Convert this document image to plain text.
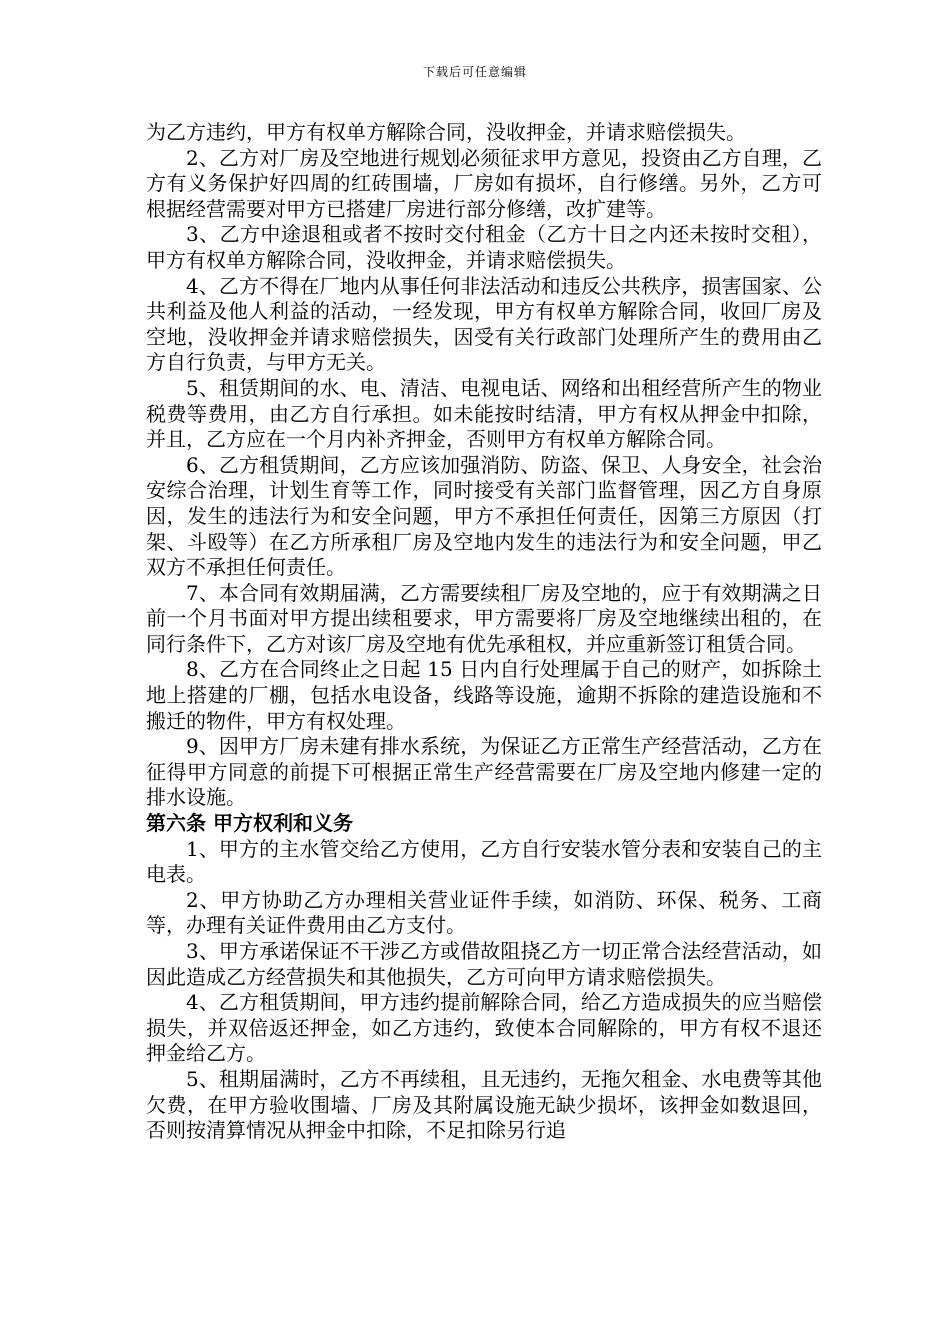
下载后可任意编辑

为乙方违约，甲方有权单方解除合同，没收押金，并请求赔偿损失。

2、乙方对厂房及空地进行规划必须征求甲方意见，投资由乙方自理，乙方有义务保护好四周的红砖围墙，厂房如有损坏，自行修缮。另外，乙方可根据经营需要对甲方已搭建厂房进行部分修缮，改扩建等。

3、乙方中途退租或者不按时交付租金（乙方十日之内还未按时交租），甲方有权单方解除合同，没收押金，并请求赔偿损失。

4、乙方不得在厂地内从事任何非法活动和违反公共秩序，损害国家、公共利益及他人利益的活动，一经发现，甲方有权单方解除合同，收回厂房及空地，没收押金并请求赔偿损失，因受有关行政部门处理所产生的费用由乙方自行负责，与甲方无关。

5、租赁期间的水、电、清洁、电视电话、网络和出租经营所产生的物业税费等费用，由乙方自行承担。如未能按时结清，甲方有权从押金中扣除，并且，乙方应在一个月内补齐押金，否则甲方有权单方解除合同。

6、乙方租赁期间，乙方应该加强消防、防盗、保卫、人身安全，社会治安综合治理，计划生育等工作，同时接受有关部门监督管理，因乙方自身原因，发生的违法行为和安全问题，甲方不承担任何责任，因第三方原因（打架、斗殴等）在乙方所承租厂房及空地内发生的违法行为和安全问题，甲乙双方不承担任何责任。

7、本合同有效期届满，乙方需要续租厂房及空地的，应于有效期满之日前一个月书面对甲方提出续租要求，甲方需要将厂房及空地继续出租的，在同行条件下，乙方对该厂房及空地有优先承租权，并应重新签订租赁合同。

8、乙方在合同终止之日起 15 日内自行处理属于自己的财产，如拆除土地上搭建的厂棚，包括水电设备，线路等设施，逾期不拆除的建造设施和不搬迁的物件，甲方有权处理。

9、因甲方厂房未建有排水系统，为保证乙方正常生产经营活动，乙方在征得甲方同意的前提下可根据正常生产经营需要在厂房及空地内修建一定的排水设施。

第六条 甲方权利和义务

1、甲方的主水管交给乙方使用，乙方自行安装水管分表和安装自己的主电表。

2、甲方协助乙方办理相关营业证件手续，如消防、环保、税务、工商等，办理有关证件费用由乙方支付。

3、甲方承诺保证不干涉乙方或借故阻挠乙方一切正常合法经营活动，如因此造成乙方经营损失和其他损失，乙方可向甲方请求赔偿损失。

4、乙方租赁期间，甲方违约提前解除合同，给乙方造成损失的应当赔偿损失，并双倍返还押金，如乙方违约，致使本合同解除的，甲方有权不退还押金给乙方。

5、租期届满时，乙方不再续租，且无违约，无拖欠租金、水电费等其他欠费，在甲方验收围墙、厂房及其附属设施无缺少损坏，该押金如数退回，否则按清算情况从押金中扣除，不足扣除另行追
